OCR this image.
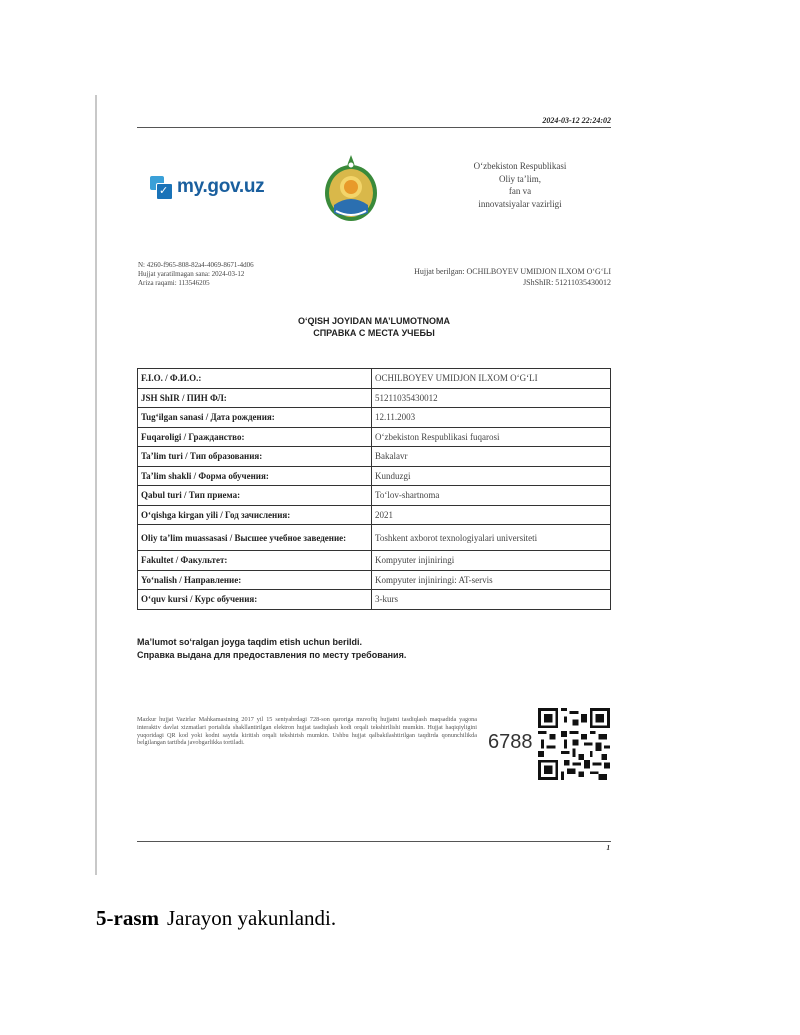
2024-03-12 22:24:02
✓ my.gov.uz
O‘zbekiston Respublikasi
Oliy ta’lim,
fan va
innovatsiyalar vazirligi
N: 4260-f965-808-82a4-4069-8671-4d06
Hujjat yaratilmagan sana: 2024-03-12
Ariza raqami: 113546205
Hujjat berilgan: OCHILBOYEV UMIDJON ILXOM O‘G‘LI
JShShIR: 51211035430012
O‘QISH JOYIDAN MA’LUMOTNOMA
СПРАВКА С МЕСТА УЧЕБЫ
F.I.O. / Ф.И.О.:	OCHILBOYEV UMIDJON ILXOM O‘G‘LI
JSH ShIR / ПИН ФЛ:	51211035430012
Tug‘ilgan sanasi / Дата рождения:	12.11.2003
Fuqaroligi / Гражданство:	O‘zbekiston Respublikasi fuqarosi
Ta’lim turi / Тип образования:	Bakalavr
Ta’lim shakli / Форма обучения:	Kunduzgi
Qabul turi / Тип приема:	To‘lov-shartnoma
O‘qishga kirgan yili / Год зачисления:	2021
Oliy ta’lim muassasasi / Высшее учебное заведение:	Toshkent axborot texnologiyalari universiteti
Fakultet / Факультет:	Kompyuter injiniringi
Yo‘nalish / Направление:	Kompyuter injiniringi: AT-servis
O‘quv kursi / Курс обучения:	3-kurs
Ma’lumot so‘ralgan joyga taqdim etish uchun berildi.
Справка выдана для предоставления по месту требования.
Mazkur hujjat Vazirlar Mahkamasining 2017 yil 15 sentyabrdagi 728-son qaroriga muvofiq hujjatni tasdiqlash maqsadida yagona interaktiv davlat xizmatlari portalida shakllantirilgan elektron hujjat tasdiqlash kodi orqali tekshirilishi mumkin. Hujjat haqiqiyligini yuqoridagi QR kod yoki kodni saytda kiritish orqali tekshirish mumkin. Ushbu hujjat qalbakilashtirilgan taqdirda qonunchilikda belgilangan tartibda javobgarlikka tortiladi.	6788
1
5-rasm Jarayon yakunlandi.
